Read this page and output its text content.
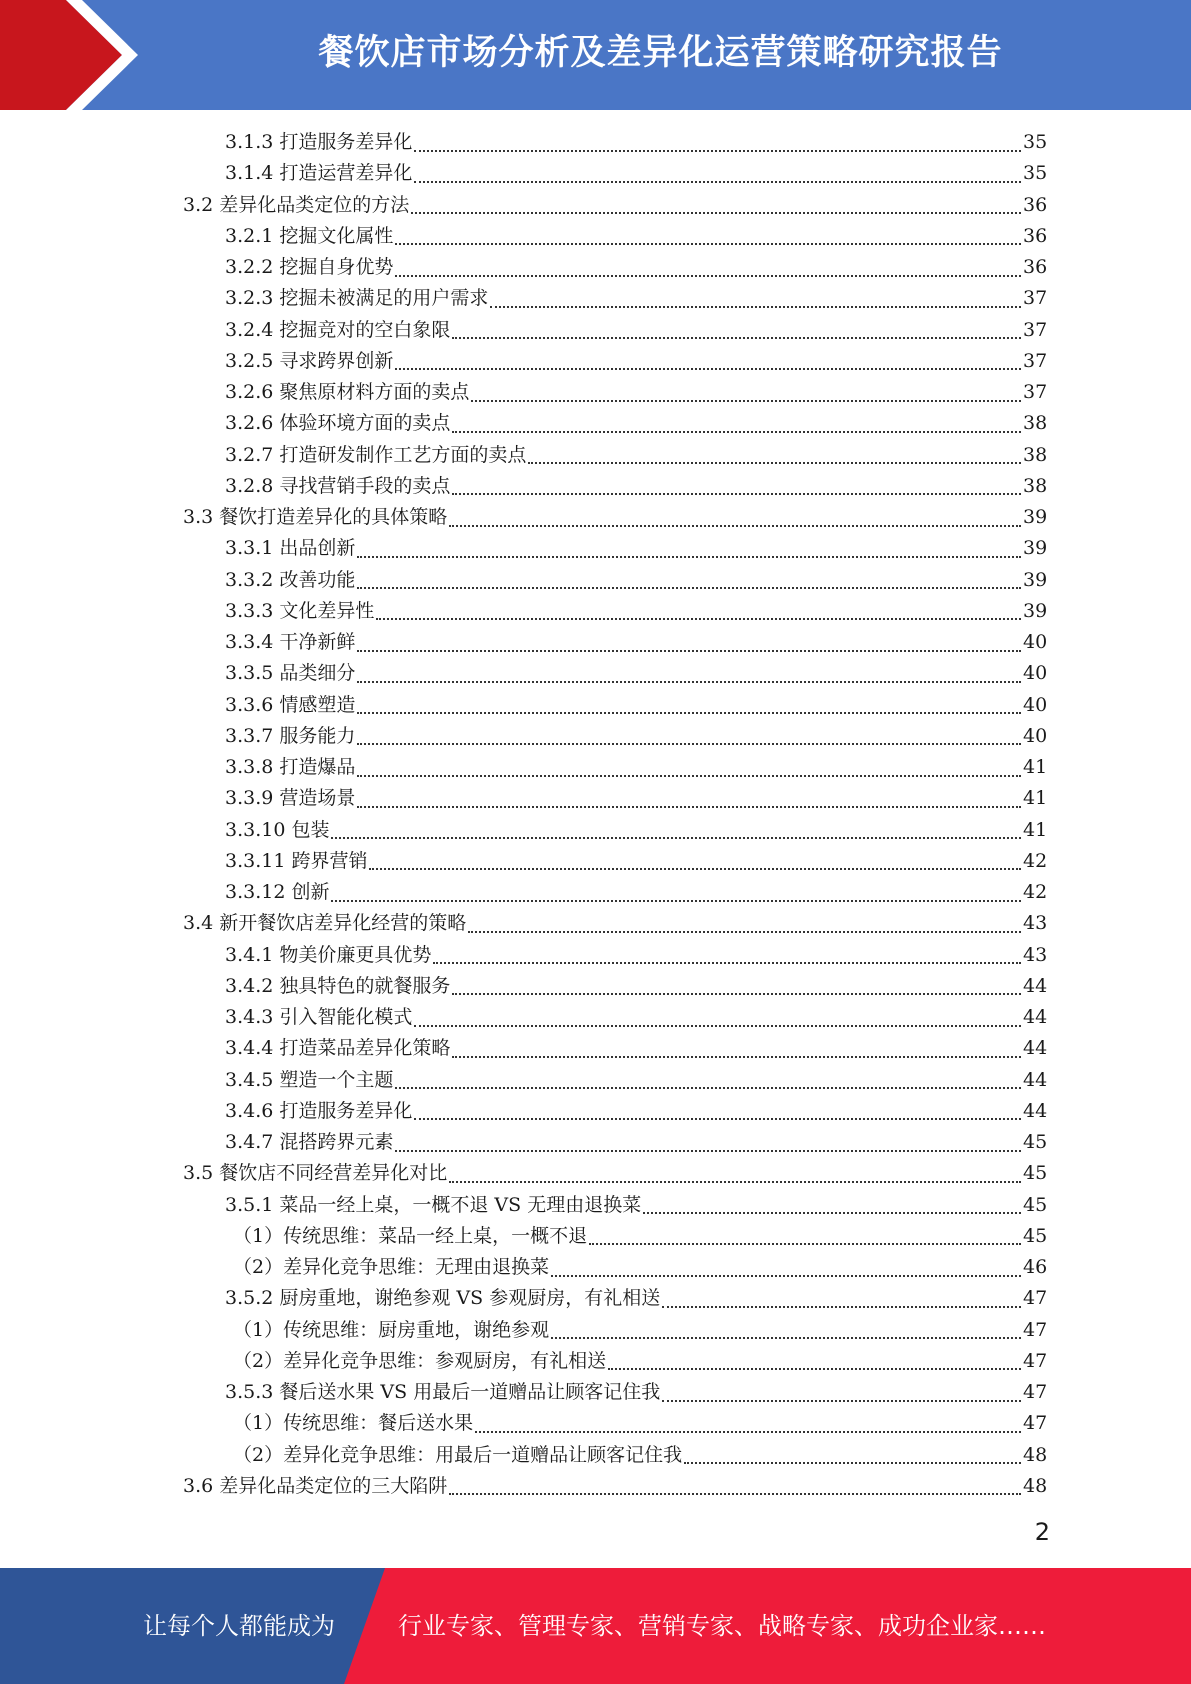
餐饮店市场分析及差异化运营策略研究报告
3.1.3 打造服务差异化	35
3.1.4 打造运营差异化	35
3.2 差异化品类定位的方法	36
3.2.1 挖掘文化属性	36
3.2.2 挖掘自身优势	36
3.2.3 挖掘未被满足的用户需求	37
3.2.4 挖掘竞对的空白象限	37
3.2.5 寻求跨界创新	37
3.2.6 聚焦原材料方面的卖点	37
3.2.6 体验环境方面的卖点	38
3.2.7 打造研发制作工艺方面的卖点	38
3.2.8 寻找营销手段的卖点	38
3.3 餐饮打造差异化的具体策略	39
3.3.1 出品创新	39
3.3.2 改善功能	39
3.3.3 文化差异性	39
3.3.4 干净新鲜	40
3.3.5 品类细分	40
3.3.6 情感塑造	40
3.3.7 服务能力	40
3.3.8 打造爆品	41
3.3.9 营造场景	41
3.3.10 包装	41
3.3.11 跨界营销	42
3.3.12 创新	42
3.4 新开餐饮店差异化经营的策略	43
3.4.1 物美价廉更具优势	43
3.4.2 独具特色的就餐服务	44
3.4.3 引入智能化模式	44
3.4.4 打造菜品差异化策略	44
3.4.5 塑造一个主题	44
3.4.6 打造服务差异化	44
3.4.7 混搭跨界元素	45
3.5 餐饮店不同经营差异化对比	45
3.5.1 菜品一经上桌，一概不退 VS 无理由退换菜	45
（1）传统思维：菜品一经上桌，一概不退	45
（2）差异化竞争思维：无理由退换菜	46
3.5.2 厨房重地，谢绝参观 VS 参观厨房，有礼相送	47
（1）传统思维：厨房重地，谢绝参观	47
（2）差异化竞争思维：参观厨房，有礼相送	47
3.5.3 餐后送水果 VS 用最后一道赠品让顾客记住我	47
（1）传统思维：餐后送水果	47
（2）差异化竞争思维：用最后一道赠品让顾客记住我	48
3.6 差异化品类定位的三大陷阱	48
2
让每个人都能成为	行业专家、管理专家、营销专家、战略专家、成功企业家……
